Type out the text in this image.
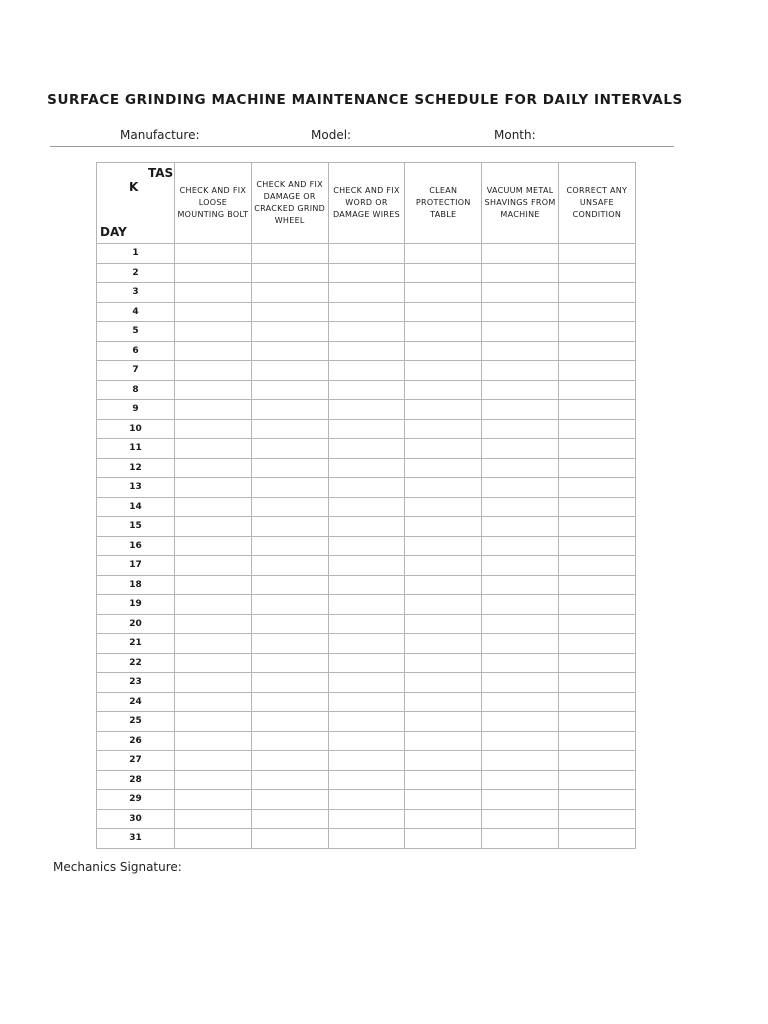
SURFACE GRINDING MACHINE MAINTENANCE SCHEDULE FOR DAILY INTERVALS
Manufacture:	Model:	Month:
TAS
K
DAY	CHECK AND FIX LOOSE MOUNTING BOLT	CHECK AND FIX DAMAGE OR CRACKED GRIND WHEEL	CHECK AND FIX WORD OR DAMAGE WIRES	CLEAN PROTECTION TABLE	VACUUM METAL SHAVINGS FROM MACHINE	CORRECT ANY UNSAFE CONDITION
1						
2						
3						
4						
5						
6						
7						
8						
9						
10						
11						
12						
13						
14						
15						
16						
17						
18						
19						
20						
21						
22						
23						
24						
25						
26						
27						
28						
29						
30						
31						
Mechanics Signature:
